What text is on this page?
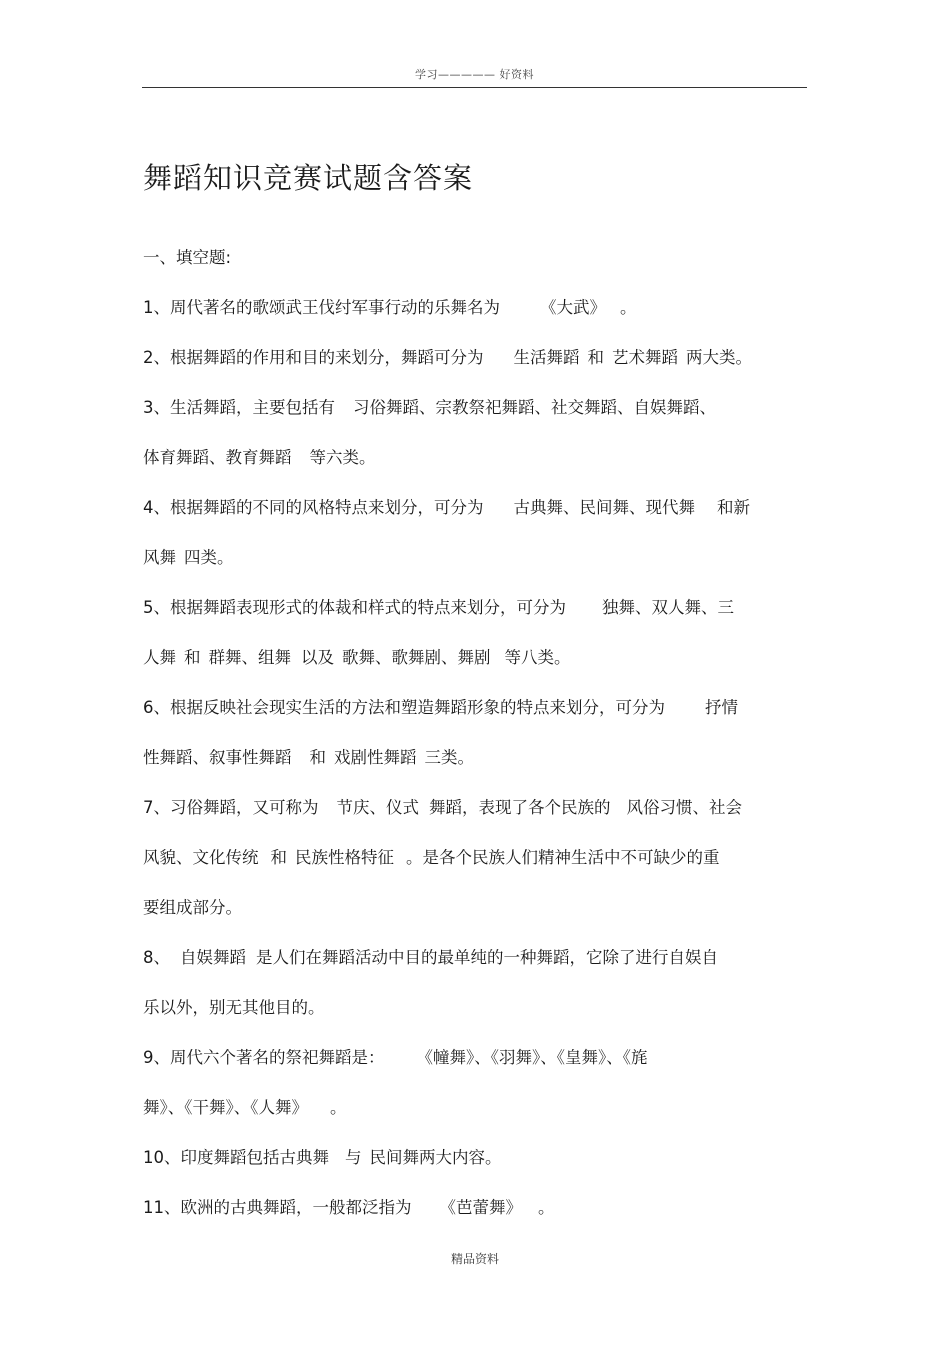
学习————— 好资料
舞蹈知识竞赛试题含答案
一、填空题:
1、周代著名的歌颂武王伐纣军事行动的乐舞名为 《大武》 。
2、根据舞蹈的作用和目的来划分，舞蹈可分为 生活舞蹈 和 艺术舞蹈 两大类。
3、生活舞蹈，主要包括有 习俗舞蹈、宗教祭祀舞蹈、社交舞蹈、自娱舞蹈、
体育舞蹈、教育舞蹈 等六类。
4、根据舞蹈的不同的风格特点来划分，可分为 古典舞、民间舞、现代舞 和新
风舞 四类。
5、根据舞蹈表现形式的体裁和样式的特点来划分，可分为 独舞、双人舞、三
人舞 和 群舞、组舞 以及 歌舞、歌舞剧、舞剧 等八类。
6、根据反映社会现实生活的方法和塑造舞蹈形象的特点来划分，可分为 抒情
性舞蹈、叙事性舞蹈 和 戏剧性舞蹈 三类。
7、习俗舞蹈，又可称为 节庆、仪式 舞蹈，表现了各个民族的 风俗习惯、社会
风貌、文化传统 和 民族性格特征 。是各个民族人们精神生活中不可缺少的重
要组成部分。
8、 自娱舞蹈 是人们在舞蹈活动中目的最单纯的一种舞蹈，它除了进行自娱自
乐以外，别无其他目的。
9、周代六个著名的祭祀舞蹈是： 《幢舞》、《羽舞》、《皇舞》、《旄
舞》、《干舞》、《人舞》 。
10、印度舞蹈包括古典舞 与 民间舞两大内容。
11、欧洲的古典舞蹈，一般都泛指为 《芭蕾舞》 。
精品资料
